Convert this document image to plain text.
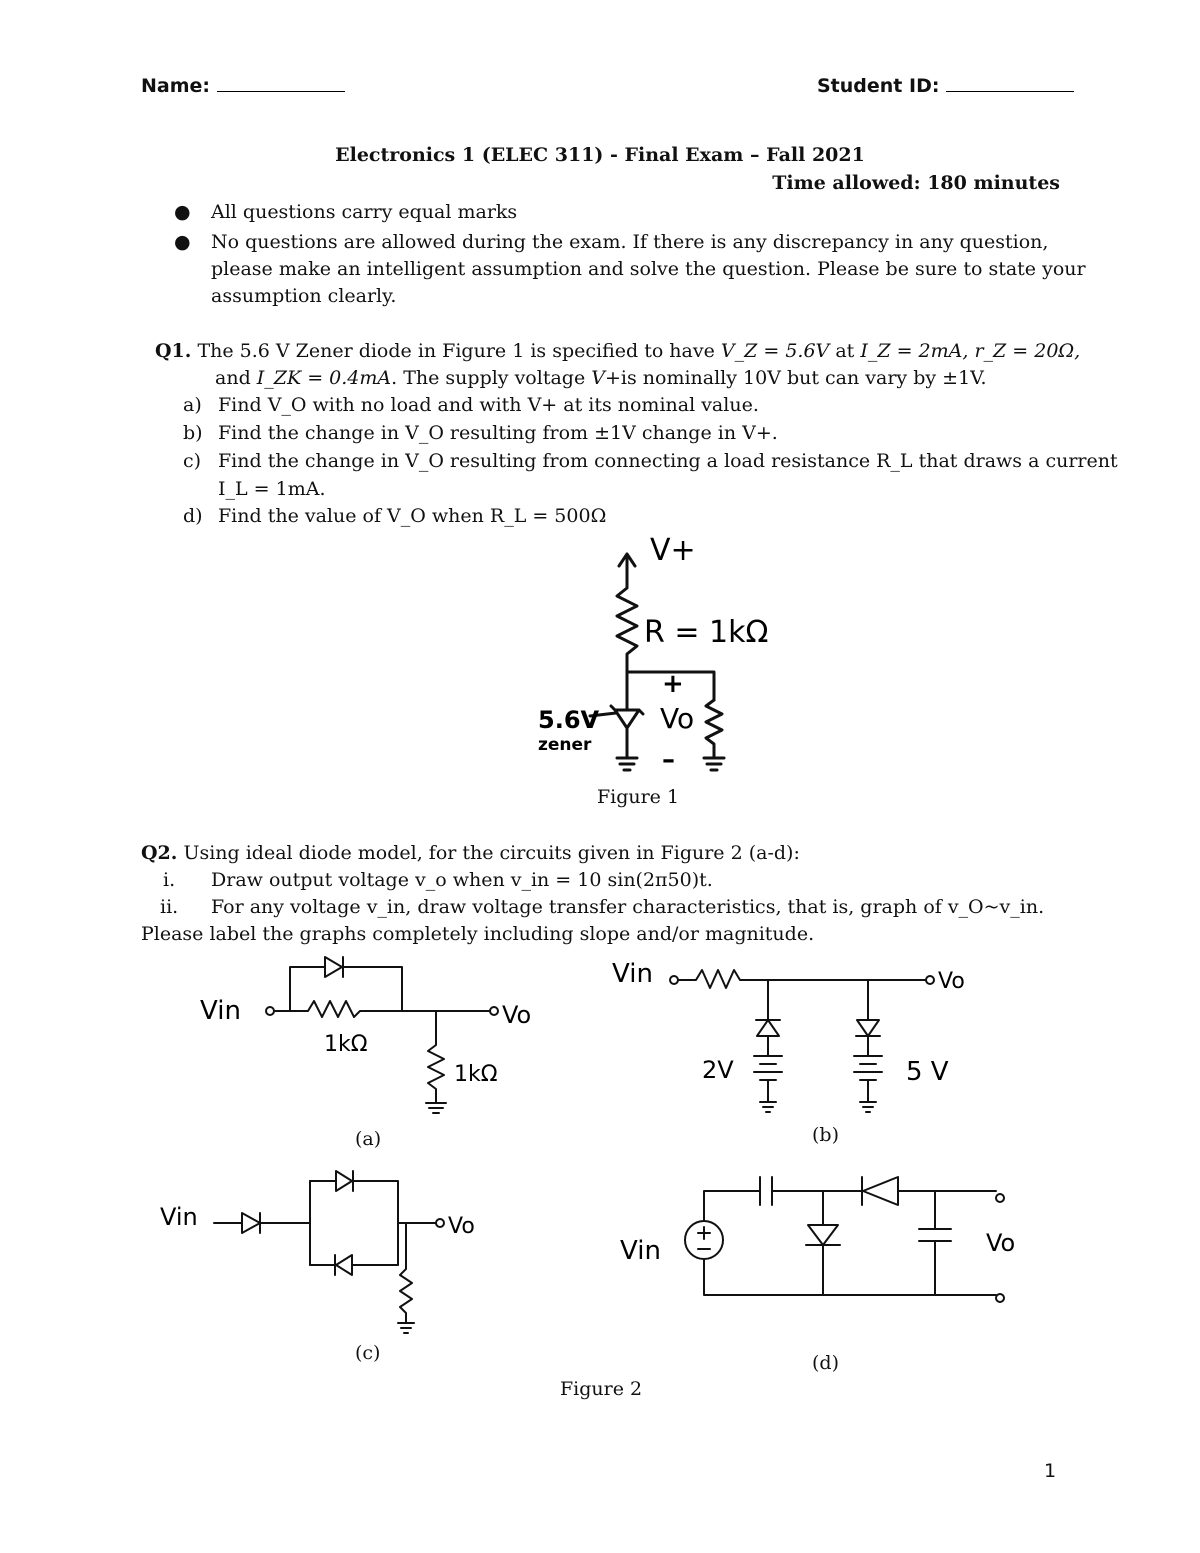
Name:	Student ID:
Electronics 1 (ELEC 311) - Final Exam – Fall 2021
Time allowed: 180 minutes
● All questions carry equal marks
● No questions are allowed during the exam. If there is any discrepancy in any question,
please make an intelligent assumption and solve the question. Please be sure to state your
assumption clearly.
Q1. The 5.6 V Zener diode in Figure 1 is specified to have V_Z = 5.6V at I_Z = 2mA, r_Z = 20Ω,
and I_ZK = 0.4mA. The supply voltage V+is nominally 10V but can vary by ±1V.
a) Find V_O with no load and with V+ at its nominal value.
b) Find the change in V_O resulting from ±1V change in V+.
c) Find the change in V_O resulting from connecting a load resistance R_L that draws a current
I_L = 1mA.
d) Find the value of V_O when R_L = 500Ω
V+
R = 1kΩ
+
Vo
–
5.6V
zener
Figure 1
Q2. Using ideal diode model, for the circuits given in Figure 2 (a-d):
i. Draw output voltage v_o when v_in = 10 sin(2π50)t.
ii. For any voltage v_in, draw voltage transfer characteristics, that is, graph of v_O~v_in.
Please label the graphs completely including slope and/or magnitude.
Vin	Vo
1kΩ
1kΩ
(a)
Vin	Vo
2V	5 V
(b)
Vin	Vo
(c)
Vin	Vo
(d)
Figure 2
1
